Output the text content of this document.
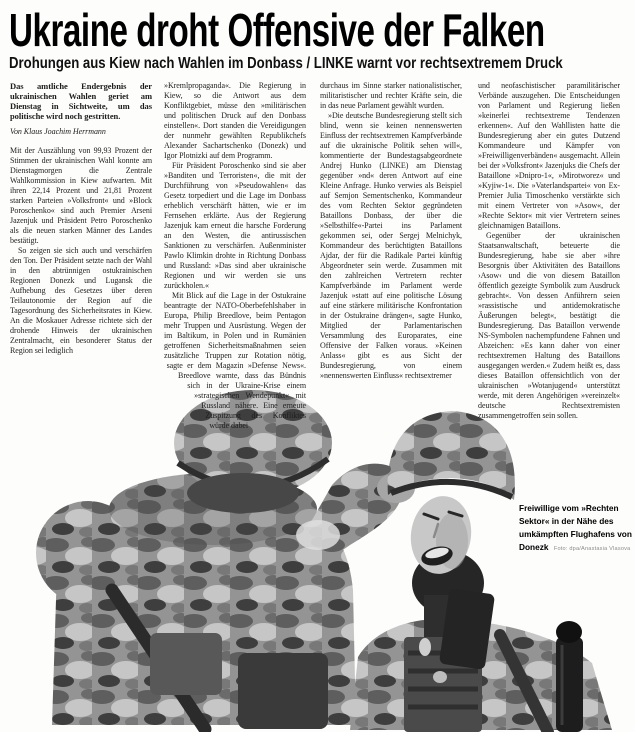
Ukraine droht Offensive der Falken
Drohungen aus Kiew nach Wahlen im Donbass / LINKE warnt vor rechtsextremem Druck

Das amtliche Endergebnis der ukrainischen Wahlen geriet am Dienstag in Sichtweite, um das politische wird noch gestritten.

Von Klaus Joachim Herrmann

Mit der Auszählung von 99,93 Prozent der Stimmen der ukrainischen Wahl konnte am Dienstagmorgen die Zentrale Wahlkommission in Kiew aufwarten. Mit ihren 22,14 Prozent und 21,81 Prozent starken Parteien »Volksfront« und »Block Poroschenko« sind auch Premier Arseni Jazenjuk und Präsident Petro Poroschenko als die neuen starken Männer des Landes bestätigt.

So zeigen sie sich auch und verschärfen den Ton. Der Präsident setzte nach der Wahl in den abtrünnigen ostukrainischen Regionen Donezk und Lugansk die Aufhebung des Gesetzes über deren Teilautonomie der Region auf die Tagesordnung des Sicherheitsrates in Kiew. An die Moskauer Adresse richtete sich der drohende Hinweis der ukrainischen Zentralmacht, ein besonderer Status der Region sei lediglich

»Kremlpropaganda«. Die Regierung in Kiew, so die Antwort aus dem Konfliktgebiet, müsse den »militärischen und politischen Druck auf den Donbass einstellen«. Dort standen die Vereidigungen der nunmehr gewählten Republikchefs Alexander Sachartschenko (Donezk) und Igor Plotnizki auf dem Programm.

Für Präsident Poroschenko sind sie aber »Banditen und Terroristen«, die mit der Durchführung von »Pseudowahlen« das Gesetz torpediert und die Lage im Donbass erheblich verschärft hätten, wie er im Fernsehen erklärte. Aus der Regierung Jazenjuk kam erneut die harsche Forderung an den Westen, die antirussischen Sanktionen zu verschärfen. Außenminister Pawlo Klimkin drohte in Richtung Donbass und Russland: »Das sind aber ukrainische Regionen und wir werden sie uns zurückholen.«

Mit Blick auf die Lage in der Ostukraine beantragte der NATO-Oberbefehlshaber in Europa, Philip Breedlove, beim Pentagon mehr Truppen und Ausrüstung. Wegen der im Baltikum, in Polen und in Rumänien getroffenen Sicherheitsmaßnahmen seien zusätzliche Truppen zur Rotation nötig, sagte er dem Magazin »Defense News«. Breedlove warnte, dass das Bündnis sich in der Ukraine-Krise einem »strategischen Wendepunkt« mit Russland nähere. Eine erneute Zuspitzung des Konfliktes würde dabei

durchaus im Sinne starker nationalistischer, militaristischer und rechter Kräfte sein, die in das neue Parlament gewählt wurden.

»Die deutsche Bundesregierung stellt sich blind, wenn sie keinen nennenswerten Einfluss der rechtsextremen Kampfverbände auf die ukrainische Politik sehen will«, kommentierte der Bundestagsabgeordnete Andrej Hunko (LINKE) am Dienstag gegenüber »nd« deren Antwort auf eine Kleine Anfrage. Hunko verwies als Beispiel auf Semjon Sementschenko, Kommandeur des vom Rechten Sektor gegründeten Bataillons Donbass, der über die »Selbsthilfe«-Partei ins Parlament gekommen sei, oder Sergej Melnichyk, Kommandeur des berüchtigten Bataillons Ajdar, der für die Radikale Partei künftig Abgeordneter sein werde. Zusammen mit den zahlreichen Vertretern rechter Kampfverbände im Parlament werde Jazenjuk »statt auf eine politische Lösung auf eine stärkere militärische Konfrontation in der Ostukraine drängen«, sagte Hunko, Mitglied der Parlamentarischen Versammlung des Europarates, eine Offensive der Falken voraus. »Keinen Anlass« gibt es aus Sicht der Bundesregierung, von einem »nennenswerten Einfluss« rechtsextremer

und neofaschistischer paramilitärischer Verbände auszugehen. Die Entscheidungen von Parlament und Regierung ließen »keinerlei rechtsextreme Tendenzen erkennen«. Auf den Wahllisten hatte die Bundesregierung aber ein gutes Dutzend Kommandeure und Kämpfer von »Freiwilligenverbänden« ausgemacht. Allein bei der »Volksfront« Jazenjuks die Chefs der Bataillone »Dnipro-1«, »Mirotworez« und »Kyjiw-1«. Die »Vaterlandspartei« von Ex-Premier Julia Timoschenko verstärkte sich mit einem Vertreter von »Asow«, der »Rechte Sektor« mit vier Vertretern seines gleichnamigen Bataillons.

Gegenüber der ukrainischen Staatsanwaltschaft, beteuerte die Bundesregierung, habe sie aber »ihre Besorgnis über Aktivitäten des Bataillons ›Asow‹ und die von diesem Bataillon öffentlich gezeigte Symbolik zum Ausdruck gebracht«. Von dessen Anführern seien »rassistische und antidemokratische Äußerungen belegt«, bestätigt die Bundesregierung. Das Bataillon verwende NS-Symbolen nachempfundene Fahnen und Abzeichen: »Es kann daher von einer rechtsextremen Haltung des Bataillons ausgegangen werden.« Zudem heißt es, dass dieses Bataillon offensichtlich von der ukrainischen »Wotanjugend« unterstützt werde, mit deren Angehörigen »vereinzelt« deutsche Rechtsextremisten zusammengetroffen sein sollen.

Freiwillige vom »Rechten Sektor« in der Nähe des umkämpften Flughafens von Donezk Foto: dpa/Anastasia Vlasova
